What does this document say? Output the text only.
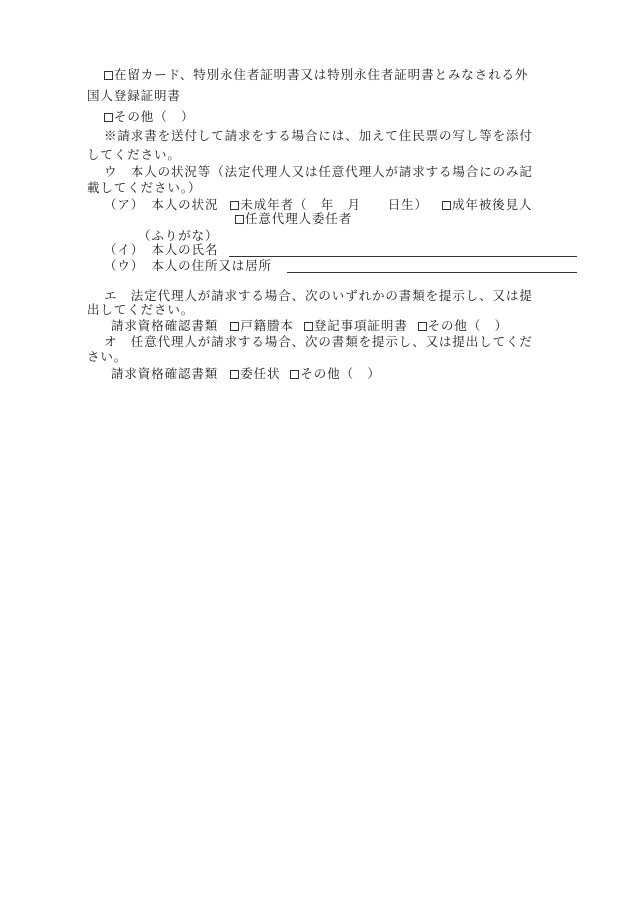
在留カード、特別永住者証明書又は特別永住者証明書とみなされる外
国人登録証明書
その他（　）
※請求書を送付して請求をする場合には、加えて住民票の写し等を添付
してください。
ウ　本人の状況等（法定代理人又は任意代理人が請求する場合にのみ記
載してください。）
（ア）　本人の状況 未成年者（　年　月　　日生） 成年被後見人
任意代理人委任者
（ふりがな）
（イ）　本人の氏名
（ウ）　本人の住所又は居所
エ　法定代理人が請求する場合、次のいずれかの書類を提示し、又は提
出してください。
請求資格確認書類 戸籍謄本 登記事項証明書 その他（　）
オ　任意代理人が請求する場合、次の書類を提示し、又は提出してくだ
さい。
請求資格確認書類 委任状 その他（　）
